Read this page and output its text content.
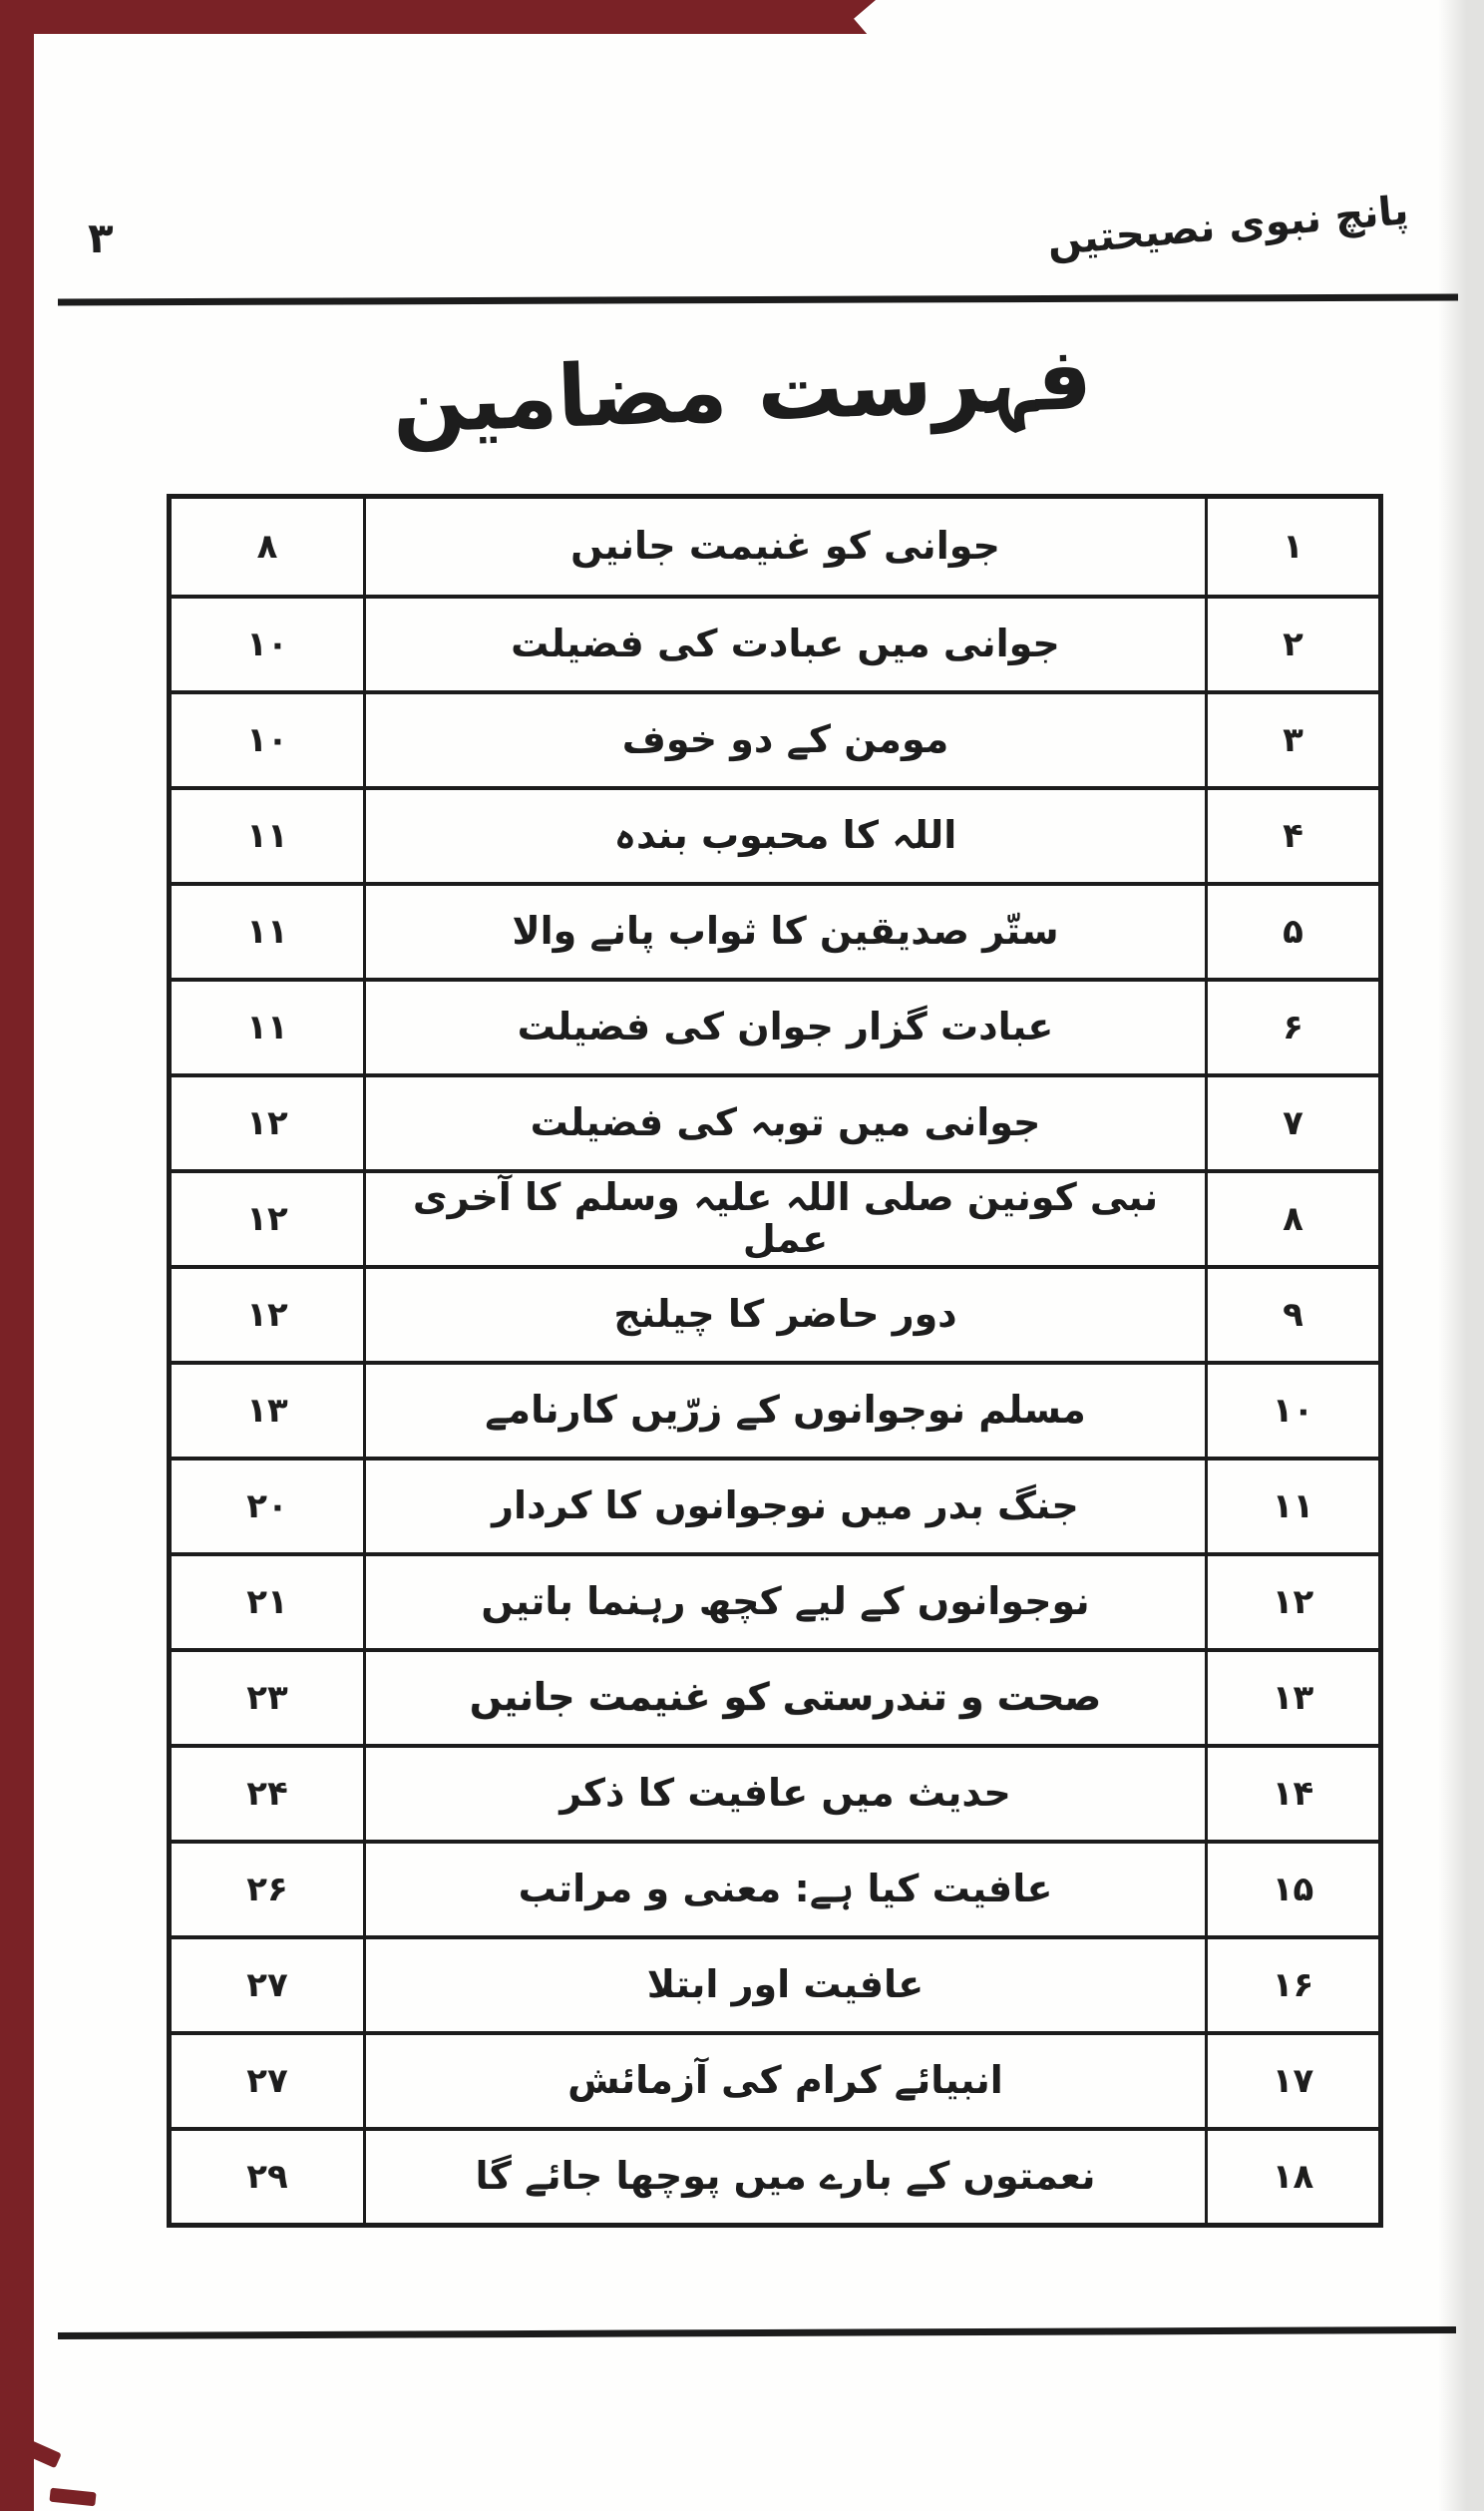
۳	پانچ نبوی نصیحتیں
فہرست مضامین
۸	جوانی کو غنیمت جانیں	۱
۱۰	جوانی میں عبادت کی فضیلت	۲
۱۰	مومن کے دو خوف	۳
۱۱	اللہ کا محبوب بندہ	۴
۱۱	ستّر صدیقین کا ثواب پانے والا	۵
۱۱	عبادت گزار جوان کی فضیلت	۶
۱۲	جوانی میں توبہ کی فضیلت	۷
۱۲	نبی کونین صلی اللہ علیہ وسلم کا آخری عمل	۸
۱۲	دور حاضر کا چیلنج	۹
۱۳	مسلم نوجوانوں کے زرّیں کارنامے	۱۰
۲۰	جنگ بدر میں نوجوانوں کا کردار	۱۱
۲۱	نوجوانوں کے لیے کچھ رہنما باتیں	۱۲
۲۳	صحت و تندرستی کو غنیمت جانیں	۱۳
۲۴	حدیث میں عافیت کا ذکر	۱۴
۲۶	عافیت کیا ہے: معنی و مراتب	۱۵
۲۷	عافیت اور ابتلا	۱۶
۲۷	انبیائے کرام کی آزمائش	۱۷
۲۹	نعمتوں کے بارے میں پوچھا جائے گا	۱۸
